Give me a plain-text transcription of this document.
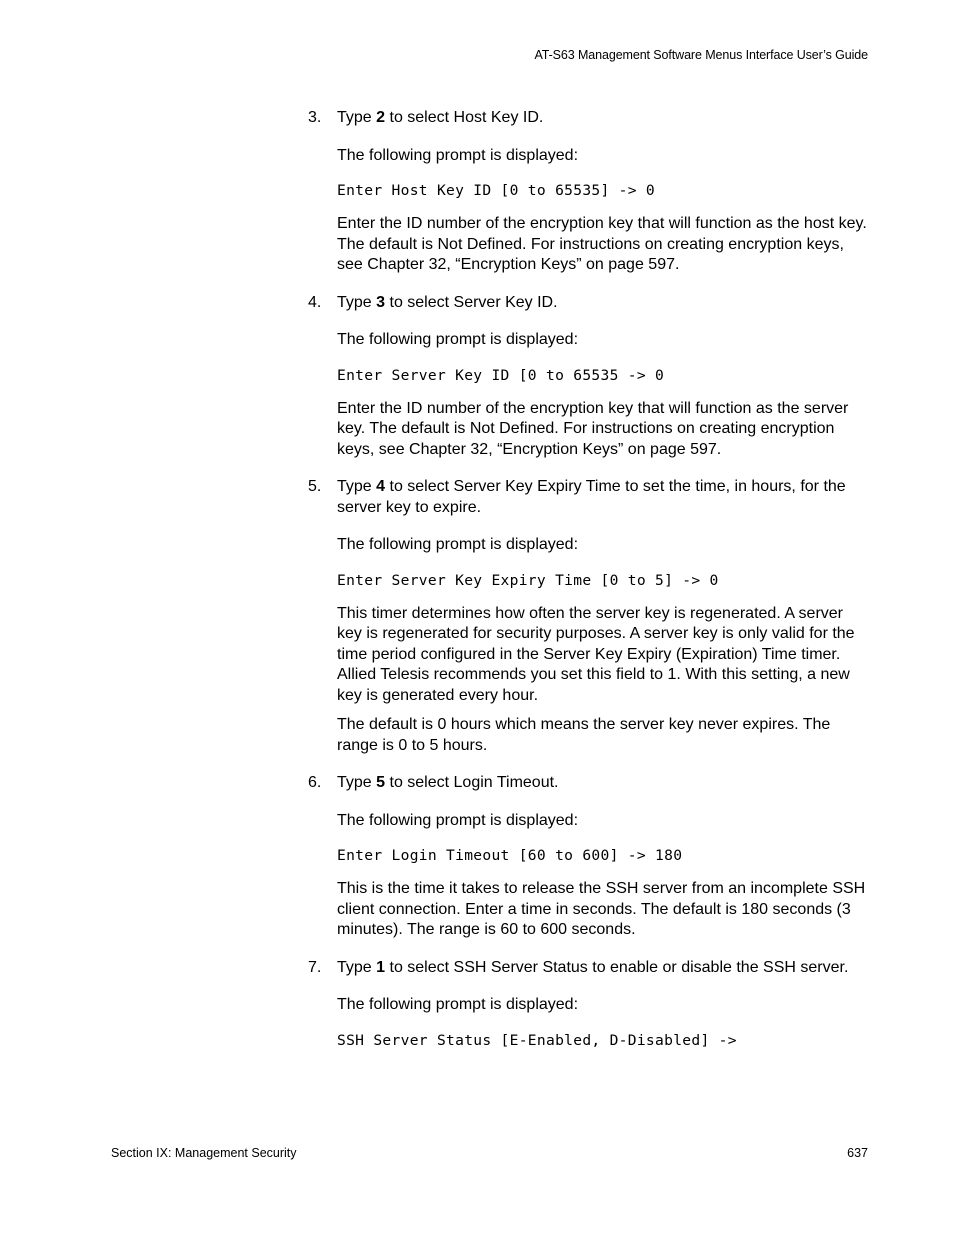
AT-S63 Management Software Menus Interface User’s Guide
3. Type 2 to select Host Key ID.

The following prompt is displayed:

Enter Host Key ID [0 to 65535] -> 0

Enter the ID number of the encryption key that will function as the host key. The default is Not Defined. For instructions on creating encryption keys, see Chapter 32, “Encryption Keys” on page 597.

4. Type 3 to select Server Key ID.

The following prompt is displayed:

Enter Server Key ID [0 to 65535 -> 0

Enter the ID number of the encryption key that will function as the server key. The default is Not Defined. For instructions on creating encryption keys, see Chapter 32, “Encryption Keys” on page 597.

5. Type 4 to select Server Key Expiry Time to set the time, in hours, for the server key to expire.

The following prompt is displayed:

Enter Server Key Expiry Time [0 to 5] -> 0

This timer determines how often the server key is regenerated. A server key is regenerated for security purposes. A server key is only valid for the time period configured in the Server Key Expiry (Expiration) Time timer. Allied Telesis recommends you set this field to 1. With this setting, a new key is generated every hour.

The default is 0 hours which means the server key never expires. The range is 0 to 5 hours.

6. Type 5 to select Login Timeout.

The following prompt is displayed:

Enter Login Timeout [60 to 600] -> 180

This is the time it takes to release the SSH server from an incomplete SSH client connection. Enter a time in seconds. The default is 180 seconds (3 minutes). The range is 60 to 600 seconds.

7. Type 1 to select SSH Server Status to enable or disable the SSH server.

The following prompt is displayed:

SSH Server Status [E-Enabled, D-Disabled] ->

Section IX: Management Security	637
